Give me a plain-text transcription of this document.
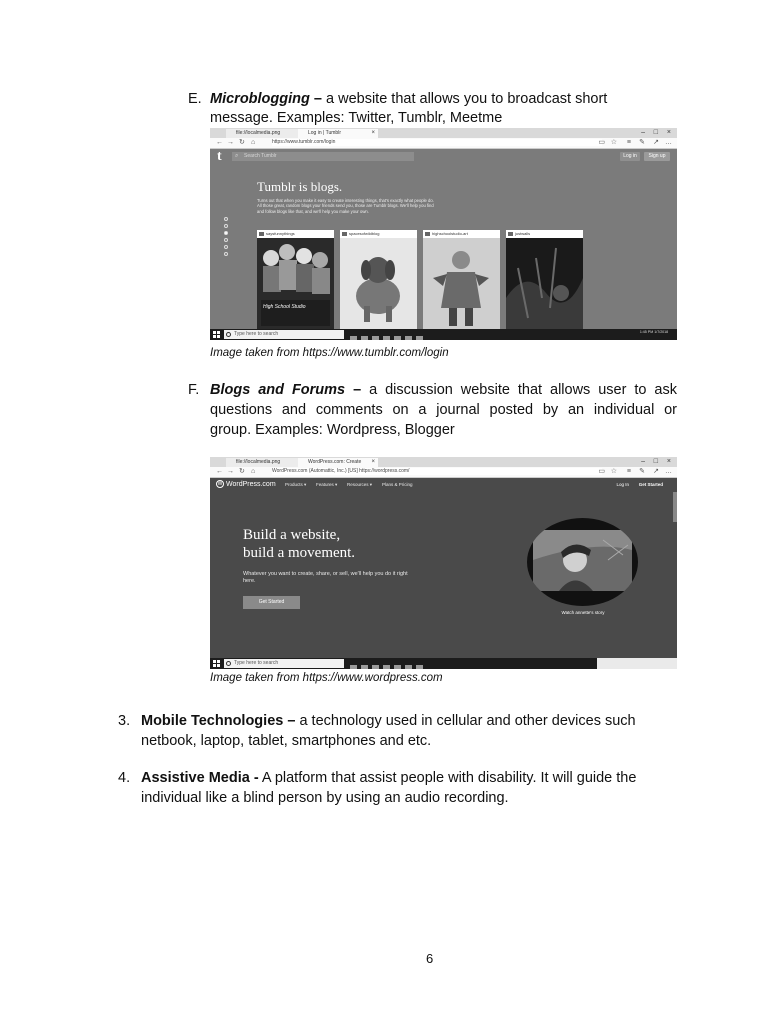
E. Microblogging – a website that allows you to broadcast short
message. Examples: Twitter, Tumblr, Meetme
file://localmedia.png	Log in | Tumblr	×	– □ ×
← → ↻ ⌂	https://www.tumblr.com/login	▭ ☆ ≡ ✎ ↗ …
t ⌕ Search Tumblr	Log in	Sign up
Tumblr is blogs.
Turns out that when you make it easy to create interesting things, that's exactly what people do. All those great, random blogs your friends send you, those are Tumblr blogs. We'll help you find and follow blogs like that, and we'll help you make your own.
saysfunnythings
High School Studio
spacesofwildblog	highschoolstudio-art	justwalls
Type here to search	1:45 PM 1/7/2018
Image taken from https://www.tumblr.com/login
F. Blogs and Forums – a discussion website that allows user to ask
questions and comments on a journal posted by an individual or
group. Examples: Wordpress, Blogger
file://localmedia.png	WordPress.com: Create ×	– □ ×
← → ↻ ⌂	WordPress.com (Automattic, Inc.) [US] https://wordpress.com/	▭ ☆ ≡ ✎ ↗ …
W WordPress.com Products ▾ Features ▾ Resources ▾ Plans & Pricing	Log In Get Started
Build a website,
build a movement.
Whatever you want to create, share, or sell, we'll help you do it right here.
Get Started
Watch annette's story
Type here to search
Image taken from https://www.wordpress.com
3. Mobile Technologies – a technology used in cellular and other devices such
netbook, laptop, tablet, smartphones and etc.
4. Assistive Media - A platform that assist people with disability. It will guide the
individual like a blind person by using an audio recording.
6
